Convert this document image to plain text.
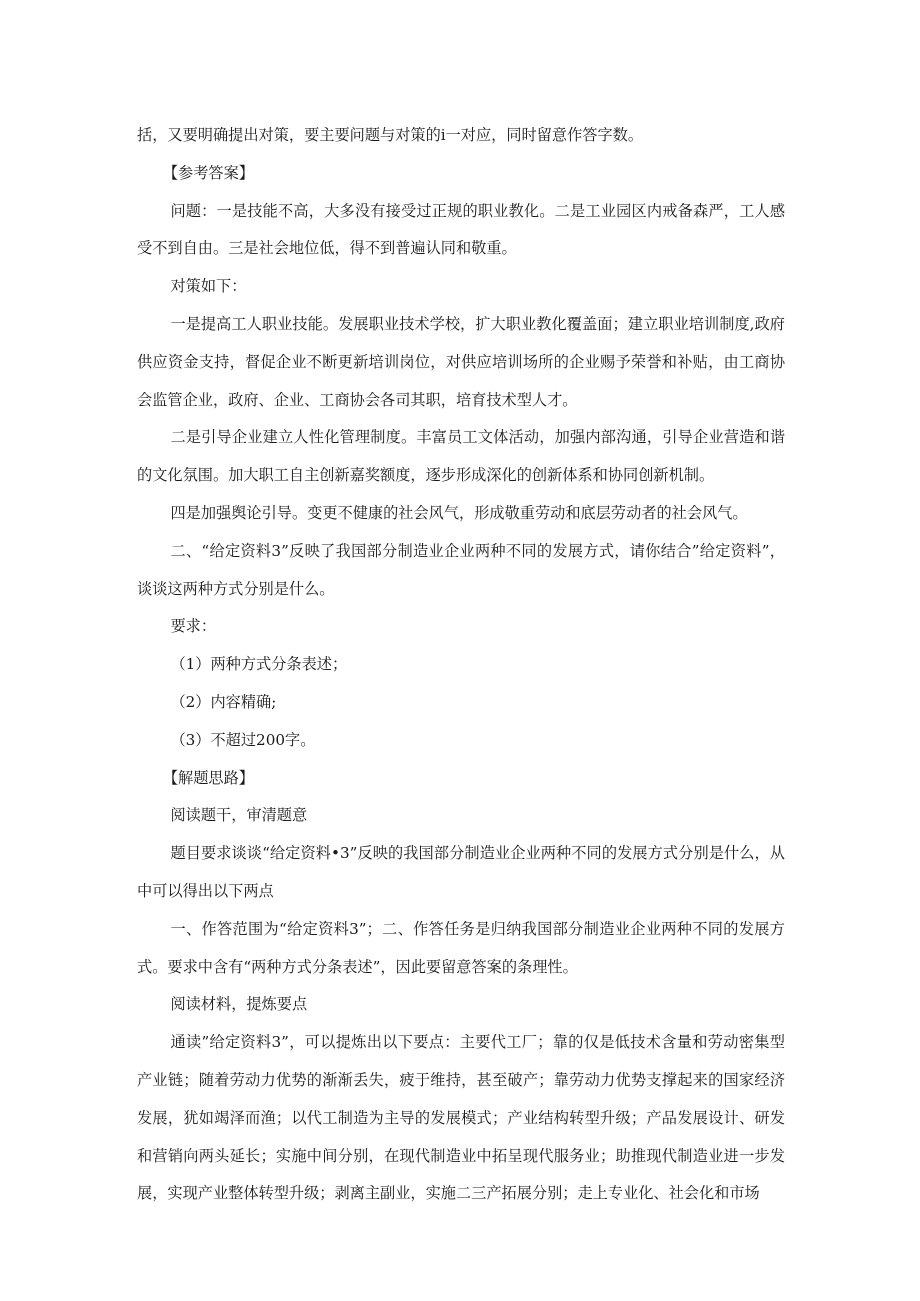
括，又要明确提出对策，要主要问题与对策的i一对应，同时留意作答字数。

【参考答案】

问题：一是技能不高，大多没有接受过正规的职业教化。二是工业园区内戒备森严，工人感受不到自由。三是社会地位低，得不到普遍认同和敬重。

对策如下：

一是提高工人职业技能。发展职业技术学校，扩大职业教化覆盖面；建立职业培训制度,政府供应资金支持，督促企业不断更新培训岗位，对供应培训场所的企业赐予荣誉和补贴，由工商协会监管企业，政府、企业、工商协会各司其职，培育技术型人才。

二是引导企业建立人性化管理制度。丰富员工文体活动，加强内部沟通，引导企业营造和谐的文化氛围。加大职工自主创新嘉奖额度，逐步形成深化的创新体系和协同创新机制。

四是加强舆论引导。变更不健康的社会风气，形成敬重劳动和底层劳动者的社会风气。

二、“给定资料3”反映了我国部分制造业企业两种不同的发展方式，请你结合”给定资料”，谈谈这两种方式分别是什么。

要求：

（1）两种方式分条表述；

（2）内容精确;

（3）不超过200字。

【解题思路】

阅读题干，审清题意

题目要求谈谈“给定资料•3”反映的我国部分制造业企业两种不同的发展方式分别是什么，从中可以得出以下两点

一、作答范围为“给定资料3”；二、作答任务是归纳我国部分制造业企业两种不同的发展方式。要求中含有“两种方式分条表述”，因此要留意答案的条理性。

阅读材料，提炼要点

通读”给定资料3”，可以提炼出以下要点：主要代工厂；靠的仅是低技术含量和劳动密集型产业链；随着劳动力优势的渐渐丢失，疲于维持，甚至破产；靠劳动力优势支撑起来的国家经济发展，犹如竭泽而渔；以代工制造为主导的发展模式；产业结构转型升级；产品发展设计、研发和营销向两头延长；实施中间分别，在现代制造业中拓呈现代服务业；助推现代制造业进一步发展，实现产业整体转型升级；剥离主副业，实施二三产拓展分别；走上专业化、社会化和市场
